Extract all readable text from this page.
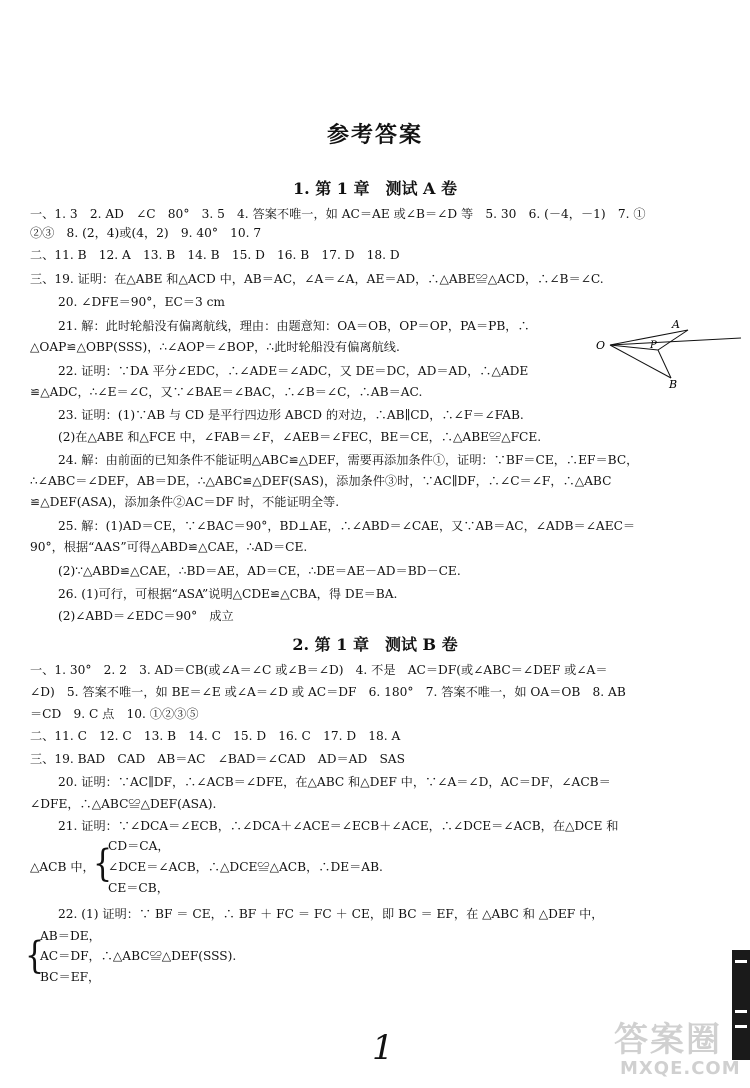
参考答案
1. 第 1 章　测试 A 卷
一、1. 3　2. AD　∠C　80°　3. 5　4. 答案不唯一，如 AC＝AE 或∠B＝∠D 等　5. 30　6. (－4，－1)　7. ①
②③　8. (2，4)或(4，2)　9. 40°　10. 7
二、11. B　12. A　13. B　14. B　15. D　16. B　17. D　18. D
三、19. 证明：在△ABE 和△ACD 中，AB＝AC，∠A＝∠A，AE＝AD，∴△ABE≌△ACD，∴∠B＝∠C.
20. ∠DFE＝90°，EC＝3 cm
21. 解：此时轮船没有偏离航线，理由：由题意知：OA＝OB，OP＝OP，PA＝PB，∴
△OAP≌△OBP(SSS)，∴∠AOP＝∠BOP，∴此时轮船没有偏离航线.
22. 证明：∵DA 平分∠EDC，∴∠ADE＝∠ADC，又 DE＝DC，AD＝AD，∴△ADE
≌△ADC，∴∠E＝∠C，又∵∠BAE＝∠BAC，∴∠B＝∠C，∴AB＝AC.
23. 证明：(1)∵AB 与 CD 是平行四边形 ABCD 的对边，∴AB∥CD，∴∠F＝∠FAB.
(2)在△ABE 和△FCE 中，∠FAB＝∠F，∠AEB＝∠FEC，BE＝CE，∴△ABE≌△FCE.
24. 解：由前面的已知条件不能证明△ABC≌△DEF，需要再添加条件①，证明：∵BF＝CE，∴EF＝BC，
∴∠ABC＝∠DEF，AB＝DE，∴△ABC≌△DEF(SAS)，添加条件③时，∵AC∥DF，∴∠C＝∠F，∴△ABC
≌△DEF(ASA)，添加条件②AC＝DF 时，不能证明全等.
25. 解：(1)AD＝CE，∵∠BAC＝90°，BD⊥AE，∴∠ABD＝∠CAE，又∵AB＝AC，∠ADB＝∠AEC＝
90°，根据“AAS”可得△ABD≌△CAE，∴AD＝CE.
(2)∵△ABD≌△CAE，∴BD＝AE，AD＝CE，∴DE＝AE－AD＝BD－CE.
26. (1)可行，可根据“ASA”说明△CDE≌△CBA，得 DE＝BA.
(2)∠ABD＝∠EDC＝90°　成立
O	P
A
B
2. 第 1 章　测试 B 卷
一、1. 30°　2. 2　3. AD＝CB(或∠A＝∠C 或∠B＝∠D)　4. 不是　AC＝DF(或∠ABC＝∠DEF 或∠A＝
∠D)　5. 答案不唯一，如 BE＝∠E 或∠A＝∠D 或 AC＝DF　6. 180°　7. 答案不唯一，如 OA＝OB　8. AB
＝CD　9. C 点　10. ①②③⑤
二、11. C　12. C　13. B　14. C　15. D　16. C　17. D　18. A
三、19. BAD　CAD　AB＝AC　∠BAD＝∠CAD　AD＝AD　SAS
20. 证明：∵AC∥DF，∴∠ACB＝∠DFE，在△ABC 和△DEF 中，∵∠A＝∠D，AC＝DF，∠ACB＝
∠DFE，∴△ABC≌△DEF(ASA).
21. 证明：∵∠DCA＝∠ECB，∴∠DCA＋∠ACE＝∠ECB＋∠ACE，∴∠DCE＝∠ACB，在△DCE 和
△ACB 中，
{
CD＝CA，
∠DCE＝∠ACB，∴△DCE≌△ACB，∴DE＝AB.
CE＝CB，
22. (1) 证明：∵ BF ＝ CE，∴ BF ＋ FC ＝ FC ＋ CE，即 BC ＝ EF，在 △ABC 和 △DEF 中，
{
AB＝DE，
AC＝DF，∴△ABC≌△DEF(SSS).
BC＝EF，
1	答案圈
MXQE.COM
